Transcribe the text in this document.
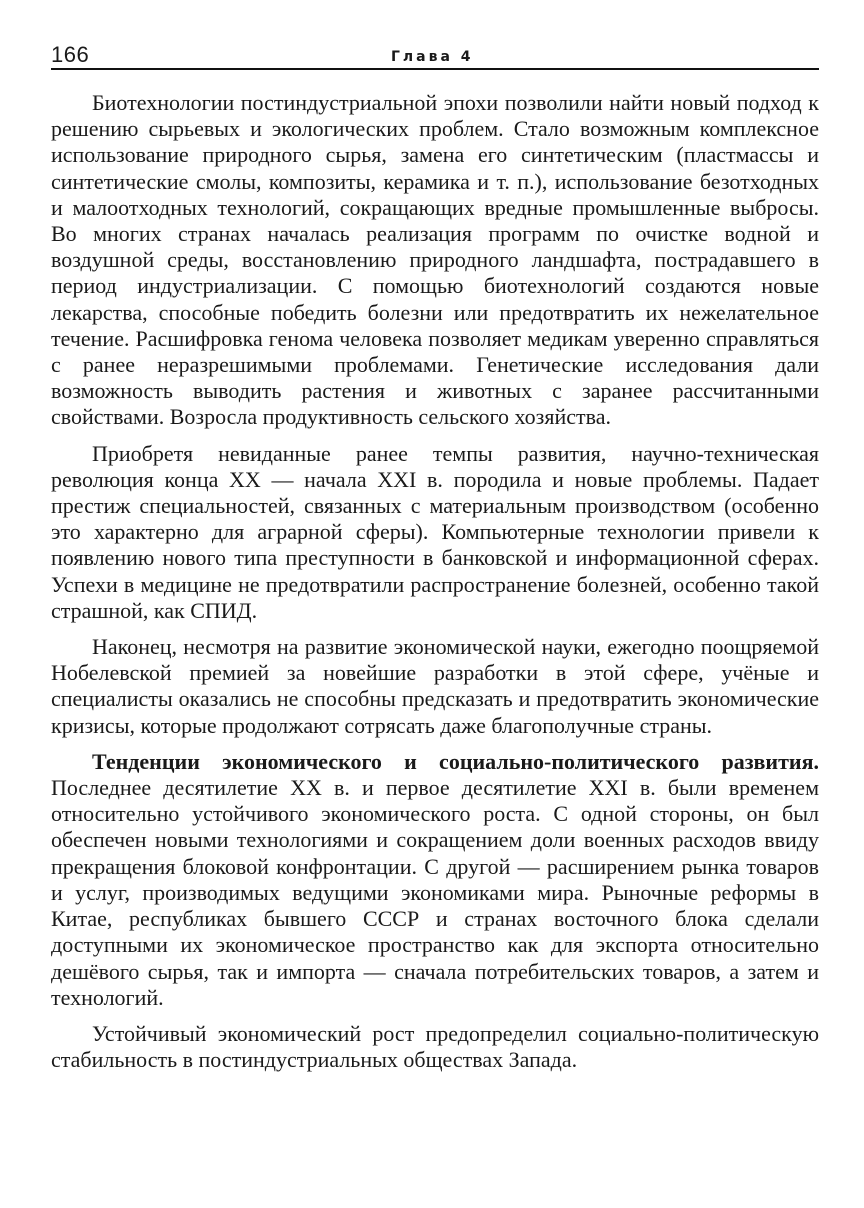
166	Глава 4

Биотехнологии постиндустриальной эпохи позволили найти новый подход к решению сырьевых и экологических проблем. Стало возможным комплексное использование природного сырья, замена его синтетическим (пластмассы и синтетические смолы, композиты, керамика и т. п.), использование безотходных и малоотходных технологий, сокращающих вредные промышленные выбросы. Во многих странах началась реализация программ по очистке водной и воздушной среды, восстановлению природного ландшафта, пострадавшего в период индустриализации. С помощью биотехнологий создаются новые лекарства, способные победить болезни или предотвратить их нежелательное течение. Расшифровка генома человека позволяет медикам уверенно справляться с ранее неразрешимыми проблемами. Генетические исследования дали возможность выводить растения и животных с заранее рассчитанными свойствами. Возросла продуктивность сельского хозяйства.

Приобретя невиданные ранее темпы развития, научно-техническая революция конца XX — начала XXI в. породила и новые проблемы. Падает престиж специальностей, связанных с материальным производством (особенно это характерно для аграрной сферы). Компьютерные технологии привели к появлению нового типа преступности в банковской и информационной сферах. Успехи в медицине не предотвратили распространение болезней, особенно такой страшной, как СПИД.

Наконец, несмотря на развитие экономической науки, ежегодно поощряемой Нобелевской премией за новейшие разработки в этой сфере, учёные и специалисты оказались не способны предсказать и предотвратить экономические кризисы, которые продолжают сотрясать даже благополучные страны.

Тенденции экономического и социально-политического развития. Последнее десятилетие XX в. и первое десятилетие XXI в. были временем относительно устойчивого экономического роста. С одной стороны, он был обеспечен новыми технологиями и сокращением доли военных расходов ввиду прекращения блоковой конфронтации. С другой — расширением рынка товаров и услуг, производимых ведущими экономиками мира. Рыночные реформы в Китае, республиках бывшего СССР и странах восточного блока сделали доступными их экономическое пространство как для экспорта относительно дешёвого сырья, так и импорта — сначала потребительских товаров, а затем и технологий.

Устойчивый экономический рост предопределил социально-политическую стабильность в постиндустриальных обществах Запада.
